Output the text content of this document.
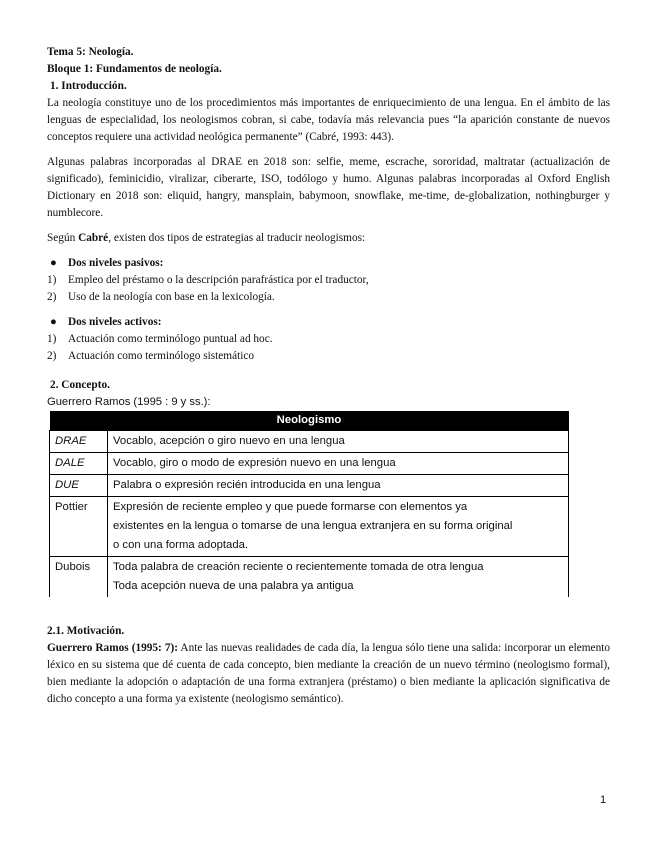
Tema 5: Neología.

Bloque 1: Fundamentos de neología.

1. Introducción.

La neología constituye uno de los procedimientos más importantes de enriquecimiento de una lengua. En el ámbito de las lenguas de especialidad, los neologismos cobran, si cabe, todavía más relevancia pues “la aparición constante de nuevos conceptos requiere una actividad neológica permanente” (Cabré, 1993: 443).

Algunas palabras incorporadas al DRAE en 2018 son: selfie, meme, escrache, sororidad, maltratar (actualización de significado), feminicidio, viralizar, ciberarte, ISO, todólogo y humo. Algunas palabras incorporadas al Oxford English Dictionary en 2018 son: eliquid, hangry, mansplain, babymoon, snowflake, me-time, de-globalization, nothingburger y numblecore.

Según Cabré, existen dos tipos de estrategias al traducir neologismos:

● Dos niveles pasivos:

1) Empleo del préstamo o la descripción parafrástica por el traductor,

2) Uso de la neología con base en la lexicología.

● Dos niveles activos:

1) Actuación como terminólogo puntual ad hoc.

2) Actuación como terminólogo sistemático

2. Concepto.

Guerrero Ramos (1995 : 9 y ss.):

Neologismo	
DRAE	Vocablo, acepción o giro nuevo en una lengua

DALE	Vocablo, giro o modo de expresión nuevo en una lengua

DUE	Palabra o expresión recién introducida en una lengua

Pottier	Expresión de reciente empleo y que puede formarse con elementos ya
existentes en la lengua o tomarse de una lengua extranjera en su forma original
o con una forma adoptada.

Dubois	Toda palabra de creación reciente o recientemente tomada de otra lengua
Toda acepción nueva de una palabra ya antigua

2.1. Motivación.

Guerrero Ramos (1995: 7): Ante las nuevas realidades de cada día, la lengua sólo tiene una salida: incorporar un elemento léxico en su sistema que dé cuenta de cada concepto, bien mediante la creación de un nuevo término (neologismo formal), bien mediante la adopción o adaptación de una forma extranjera (préstamo) o bien mediante la aplicación significativa de dicho concepto a una forma ya existente (neologismo semántico).

1
